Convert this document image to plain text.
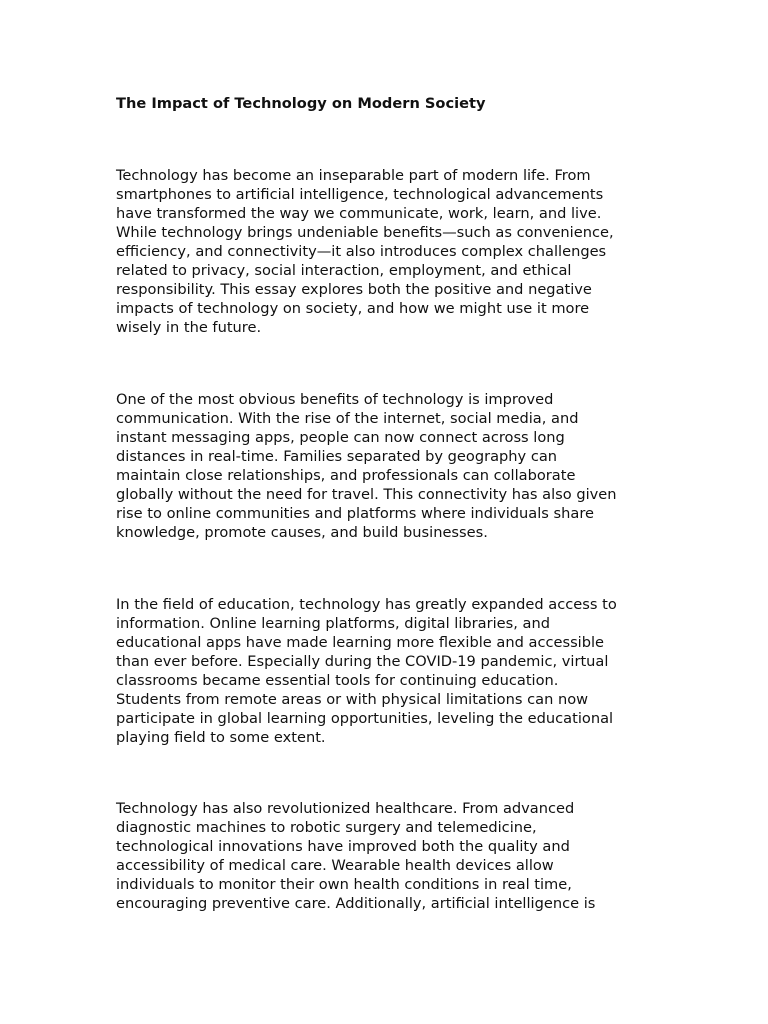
The Impact of Technology on Modern Society

Technology has become an inseparable part of modern life. From
smartphones to artificial intelligence, technological advancements
have transformed the way we communicate, work, learn, and live.
While technology brings undeniable benefits—such as convenience,
efficiency, and connectivity—it also introduces complex challenges
related to privacy, social interaction, employment, and ethical
responsibility. This essay explores both the positive and negative
impacts of technology on society, and how we might use it more
wisely in the future.

One of the most obvious benefits of technology is improved
communication. With the rise of the internet, social media, and
instant messaging apps, people can now connect across long
distances in real-time. Families separated by geography can
maintain close relationships, and professionals can collaborate
globally without the need for travel. This connectivity has also given
rise to online communities and platforms where individuals share
knowledge, promote causes, and build businesses.

In the field of education, technology has greatly expanded access to
information. Online learning platforms, digital libraries, and
educational apps have made learning more flexible and accessible
than ever before. Especially during the COVID-19 pandemic, virtual
classrooms became essential tools for continuing education.
Students from remote areas or with physical limitations can now
participate in global learning opportunities, leveling the educational
playing field to some extent.

Technology has also revolutionized healthcare. From advanced
diagnostic machines to robotic surgery and telemedicine,
technological innovations have improved both the quality and
accessibility of medical care. Wearable health devices allow
individuals to monitor their own health conditions in real time,
encouraging preventive care. Additionally, artificial intelligence is
